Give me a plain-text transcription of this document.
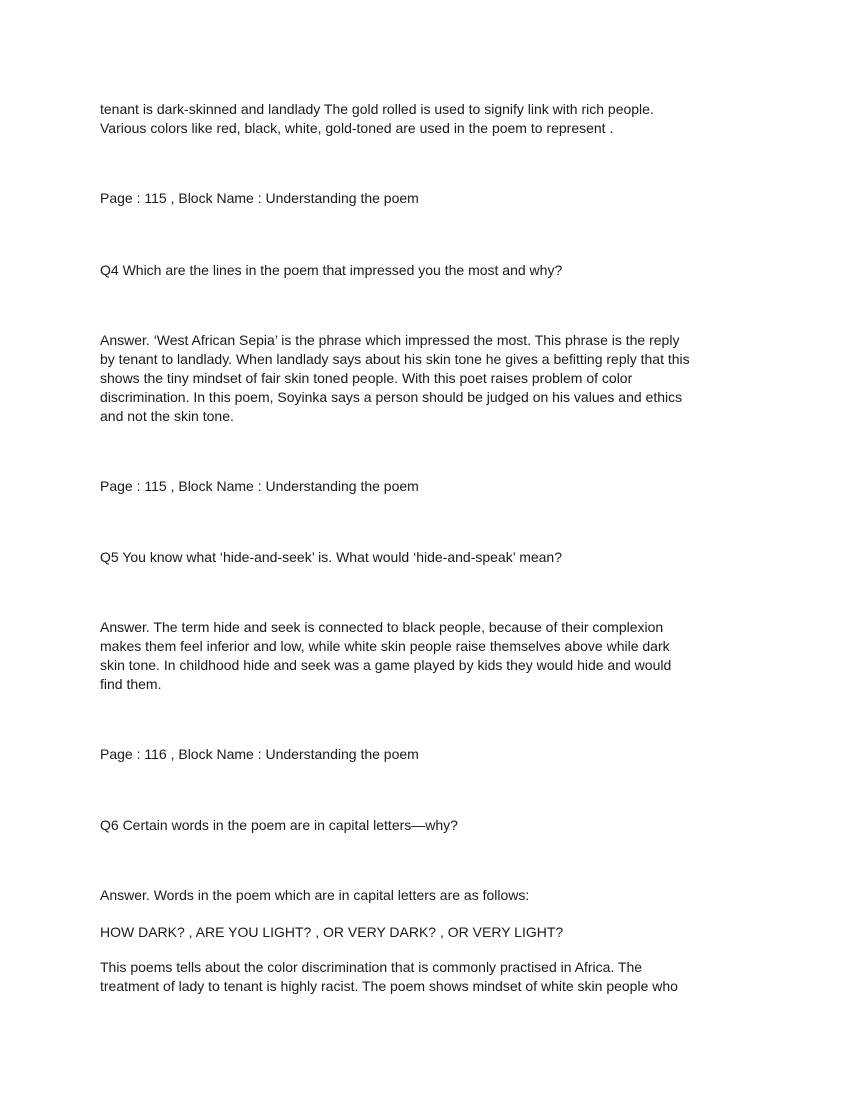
tenant is dark-skinned and landlady The gold rolled is used to signify link with rich people.
Various colors like red, black, white, gold-toned are used in the poem to represent .
Page : 115 , Block Name : Understanding the poem
Q4 Which are the lines in the poem that impressed you the most and why?
Answer. ‘West African Sepia’ is the phrase which impressed the most. This phrase is the reply
by tenant to landlady. When landlady says about his skin tone he gives a befitting reply that this
shows the tiny mindset of fair skin toned people. With this poet raises problem of color
discrimination. In this poem, Soyinka says a person should be judged on his values and ethics
and not the skin tone.
Page : 115 , Block Name : Understanding the poem
Q5 You know what ‘hide-and-seek’ is. What would ‘hide-and-speak’ mean?
Answer. The term hide and seek is connected to black people, because of their complexion
makes them feel inferior and low, while white skin people raise themselves above while dark
skin tone. In childhood hide and seek was a game played by kids they would hide and would
find them.
Page : 116 , Block Name : Understanding the poem
Q6 Certain words in the poem are in capital letters—why?
Answer. Words in the poem which are in capital letters are as follows:
HOW DARK? , ARE YOU LIGHT? , OR VERY DARK? , OR VERY LIGHT?
This poems tells about the color discrimination that is commonly practised in Africa. The
treatment of lady to tenant is highly racist. The poem shows mindset of white skin people who
